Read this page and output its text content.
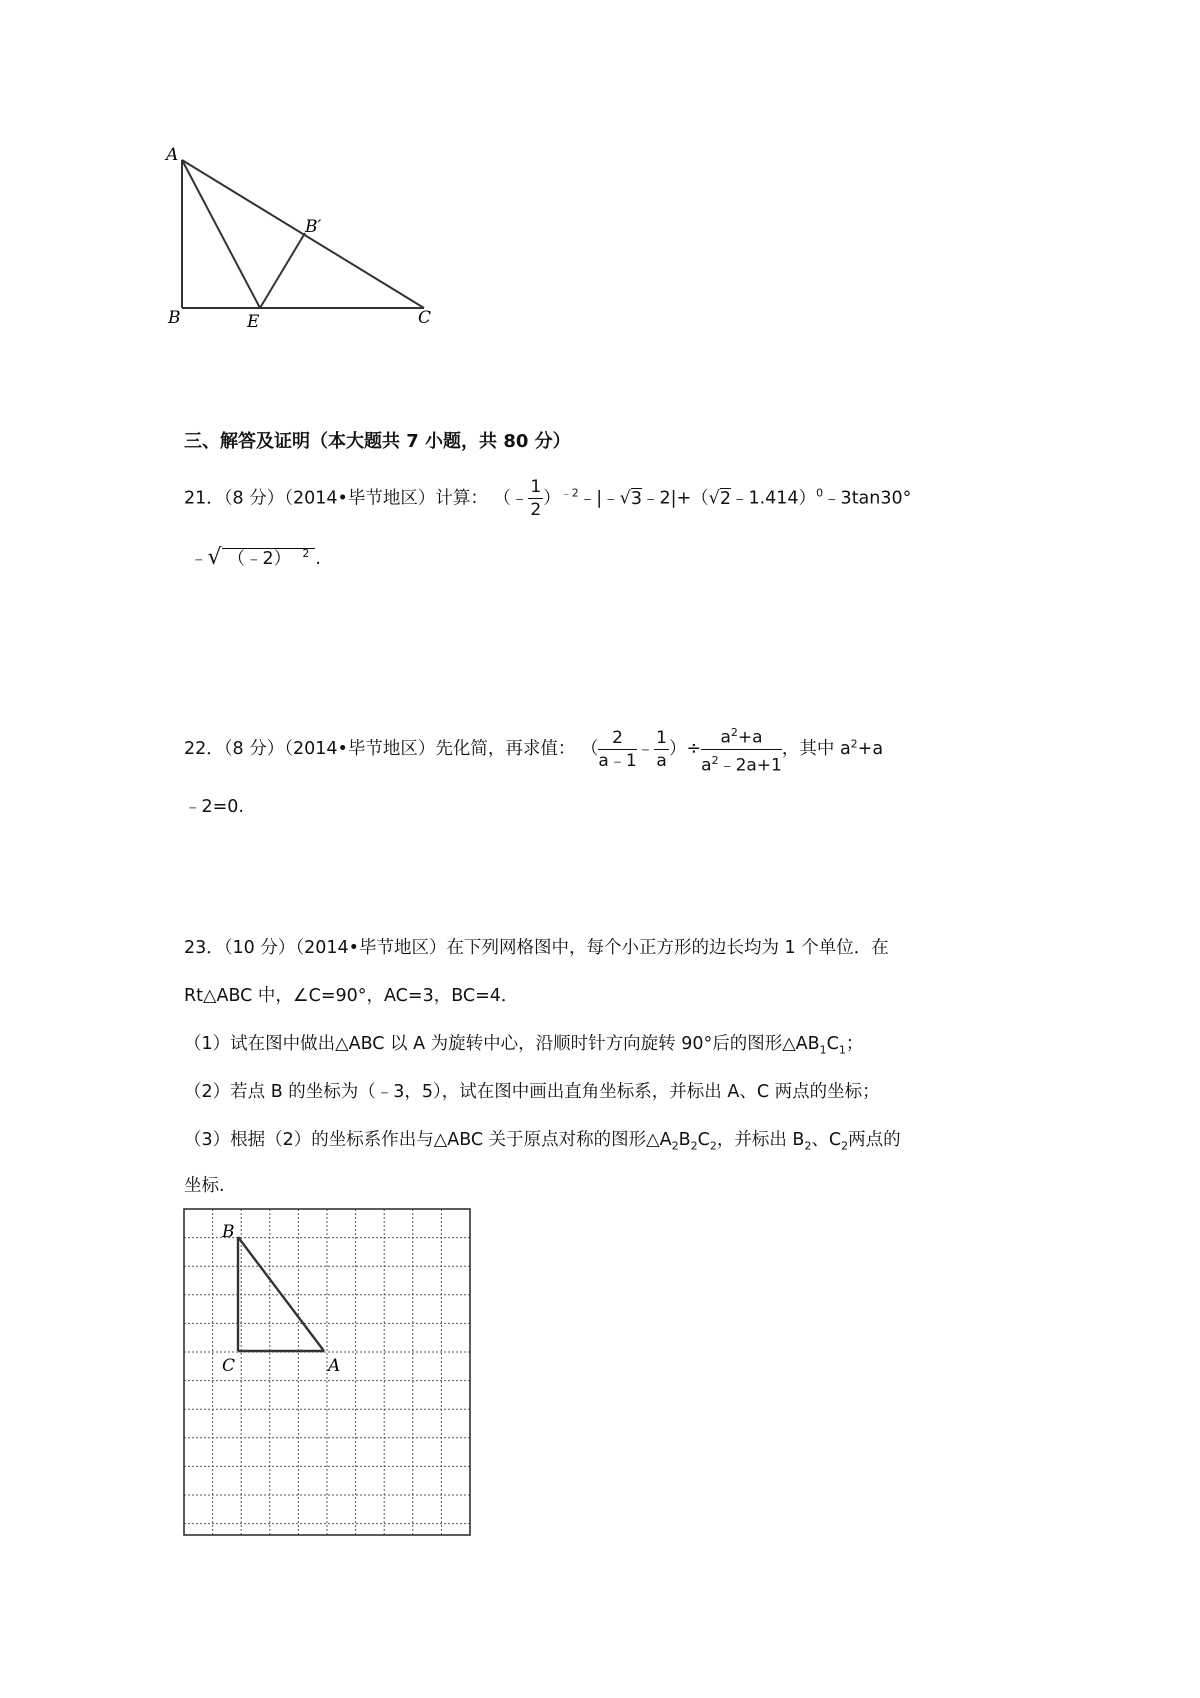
A
B′
B	E	C
三、解答及证明（本大题共 7 小题，共 80 分）
21．（8 分）（2014•毕节地区）计算： （﹣ $\frac{1}{2}$ ）$^{﹣2}$﹣|﹣√3﹣2|+（√2﹣1.414）$^0$﹣3tan30°
﹣√ （﹣2） $^2$ .
22．（8 分）（2014•毕节地区）先化简，再求值： （ $\frac{2}{a﹣1}$ ﹣ $\frac{1}{a}$ ）÷ $\frac{a^2+a}{a^2﹣2a+1}$ ，其中 $a^2+a$
﹣2=0.
23．（10 分）（2014•毕节地区）在下列网格图中，每个小正方形的边长均为 1 个单位．在
Rt△ABC 中，∠C=90°，AC=3，BC=4．
（1）试在图中做出△ABC 以 A 为旋转中心，沿顺时针方向旋转 90°后的图形$\triangle AB_1C_1$；
（2）若点 B 的坐标为（﹣3，5），试在图中画出直角坐标系，并标出 A、C 两点的坐标；
（3）根据（2）的坐标系作出与△ABC 关于原点对称的图形$\triangle A_2B_2C_2$，并标出 $B_2$、$C_2$两点的
坐标.
B
C	A
